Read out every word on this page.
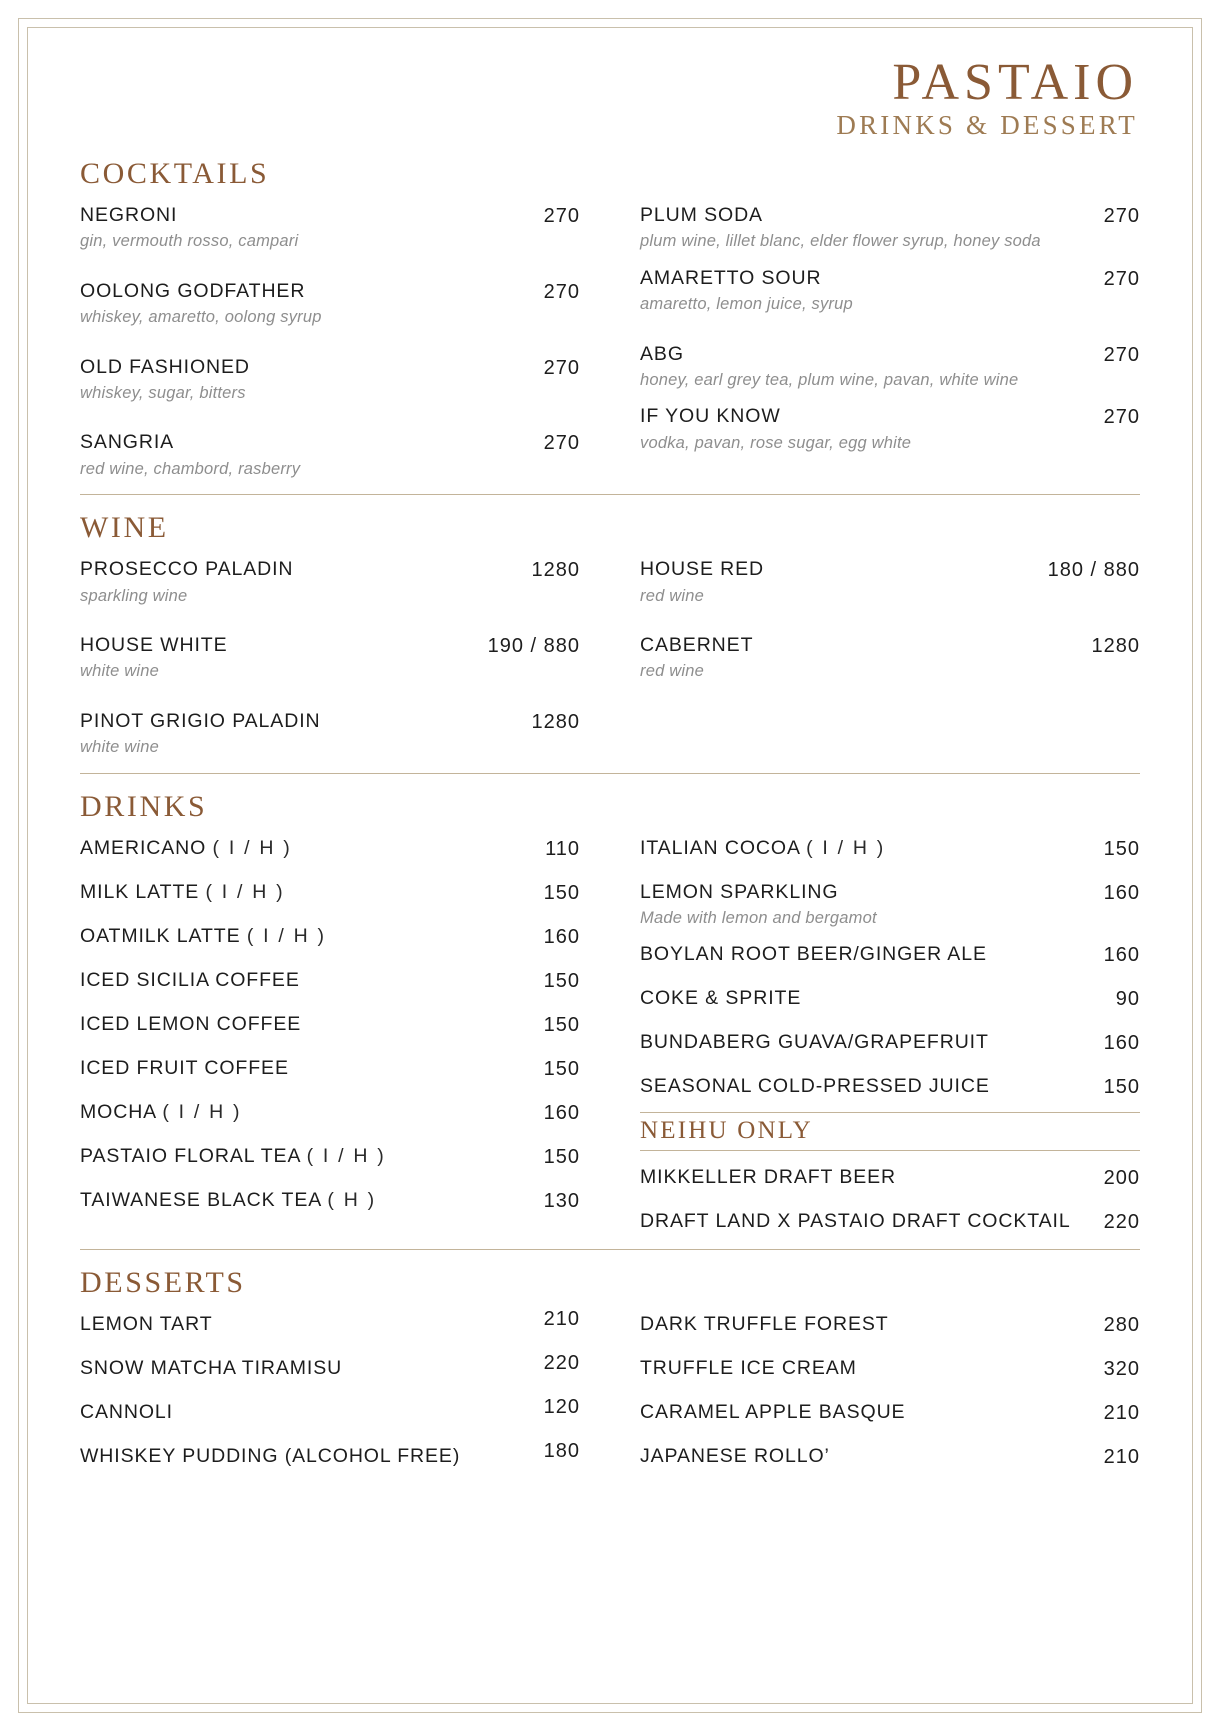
PASTAIO
DRINKS & DESSERT
COCKTAILS
NEGRONI
gin, vermouth rosso, campari
270
OOLONG GODFATHER
whiskey, amaretto, oolong syrup
270
OLD FASHIONED
whiskey, sugar, bitters
270
SANGRIA
red wine, chambord, rasberry
270
PLUM SODA
plum wine, lillet blanc, elder flower syrup, honey soda
270
AMARETTO SOUR
amaretto, lemon juice, syrup
270
ABG
honey, earl grey tea, plum wine, pavan, white wine
270
IF YOU KNOW
vodka, pavan, rose sugar, egg white
270
WINE
PROSECCO PALADIN
sparkling wine
1280
HOUSE WHITE
white wine
190 / 880
PINOT GRIGIO PALADIN
white wine
1280
HOUSE RED
red wine
180 / 880
CABERNET
red wine
1280
DRINKS
AMERICANO ( I / H )	110
MILK LATTE ( I / H )	150
OATMILK LATTE ( I / H )	160
ICED SICILIA COFFEE	150
ICED LEMON COFFEE	150
ICED FRUIT COFFEE	150
MOCHA ( I / H )	160
PASTAIO FLORAL TEA ( I / H )	150
TAIWANESE BLACK TEA ( H )	130
ITALIAN COCOA ( I / H )	150
LEMON SPARKLING
Made with lemon and bergamot
160
BOYLAN ROOT BEER/GINGER ALE	160
COKE & SPRITE	90
BUNDABERG GUAVA/GRAPEFRUIT	160
SEASONAL COLD-PRESSED JUICE	150
NEIHU ONLY
MIKKELLER DRAFT BEER	200
DRAFT LAND X PASTAIO DRAFT COCKTAIL	220
DESSERTS
LEMON TART	210
SNOW MATCHA TIRAMISU	220
CANNOLI	120
WHISKEY PUDDING (ALCOHOL FREE)	180
DARK TRUFFLE FOREST	280
TRUFFLE ICE CREAM	320
CARAMEL APPLE BASQUE	210
JAPANESE ROLLO’	210
